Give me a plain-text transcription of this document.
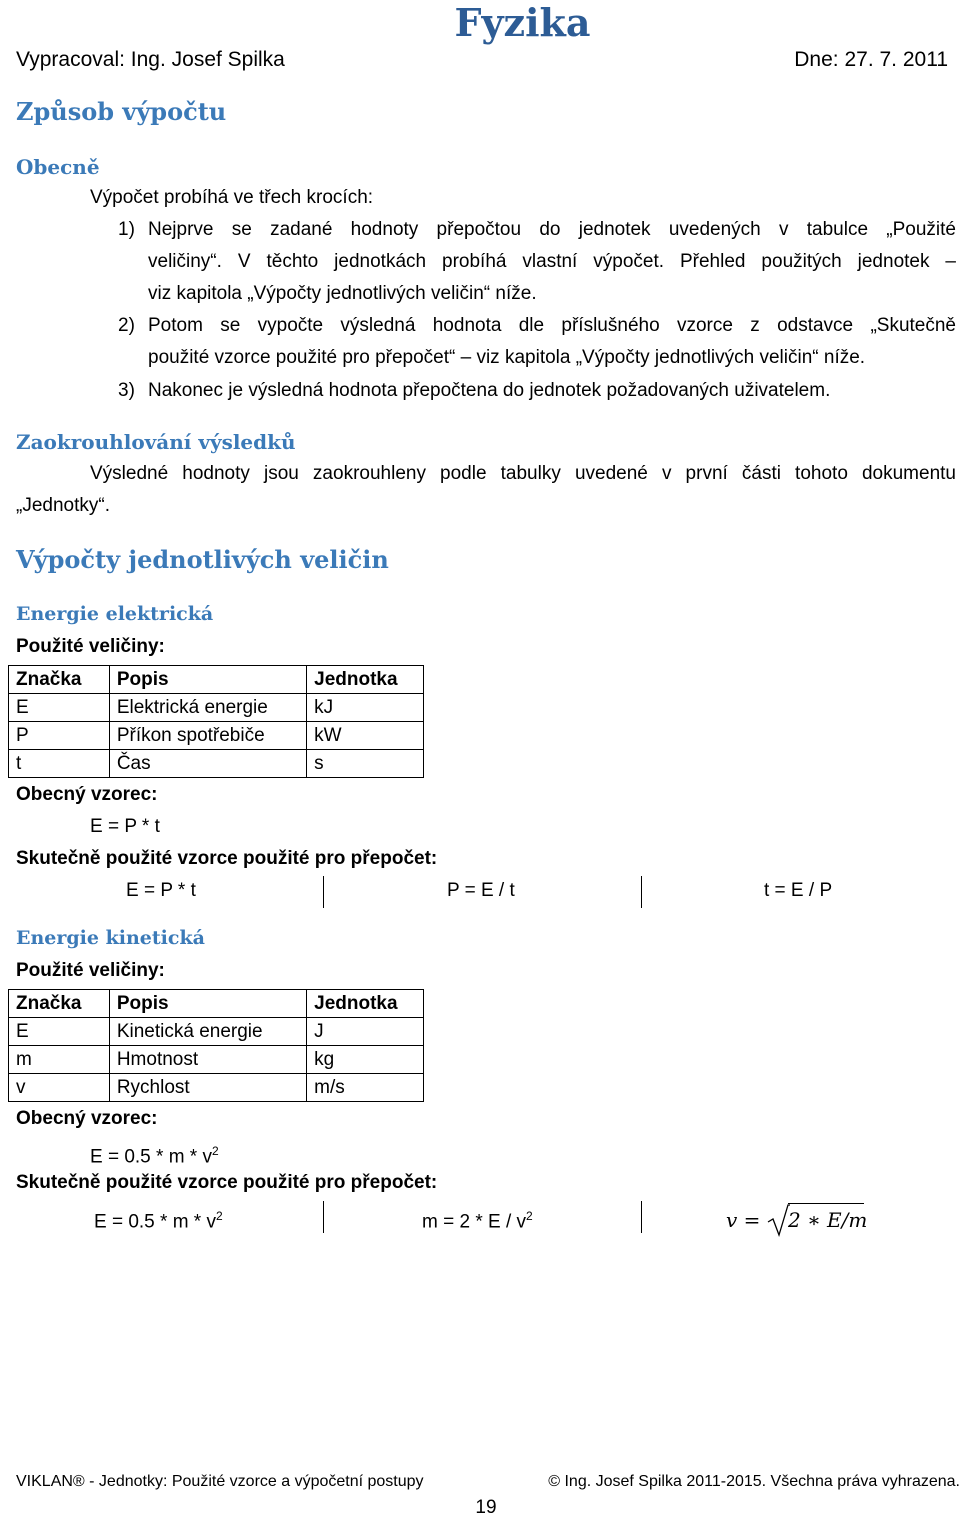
Fyzika
Vypracoval: Ing. Josef Spilka	Dne: 27. 7. 2011
Způsob výpočtu
Obecně
Výpočet probíhá ve třech krocích:
1) Nejprve se zadané hodnoty přepočtou do jednotek uvedených v tabulce „Použité
veličiny“. V těchto jednotkách probíhá vlastní výpočet. Přehled použitých jednotek –
viz kapitola „Výpočty jednotlivých veličin“ níže.
2) Potom se vypočte výsledná hodnota dle příslušného vzorce z odstavce „Skutečně
použité vzorce použité pro přepočet“ – viz kapitola „Výpočty jednotlivých veličin“ níže.
3) Nakonec je výsledná hodnota přepočtena do jednotek požadovaných uživatelem.
Zaokrouhlování výsledků
Výsledné hodnoty jsou zaokrouhleny podle tabulky uvedené v první části tohoto dokumentu
„Jednotky“.
Výpočty jednotlivých veličin
Energie elektrická
Použité veličiny:
Značka	Popis	Jednotka
E	Elektrická energie	kJ
P	Příkon spotřebiče	kW
t	Čas	s
Obecný vzorec:
E = P * t
Skutečně použité vzorce použité pro přepočet:
E = P * t	P = E / t	t = E / P
Energie kinetická
Použité veličiny:
Značka	Popis	Jednotka
E	Kinetická energie	J
m	Hmotnost	kg
v	Rychlost	m/s
Obecný vzorec:
$E = 0.5 * m * v^2$
Skutečně použité vzorce použité pro přepočet:
$E = 0.5 * m * v^2$	$m = 2 * E / v^2$	v = 2 ∗ E/m
VIKLAN® - Jednotky: Použité vzorce a výpočetní postupy	© Ing. Josef Spilka 2011-2015. Všechna práva vyhrazena.
19
